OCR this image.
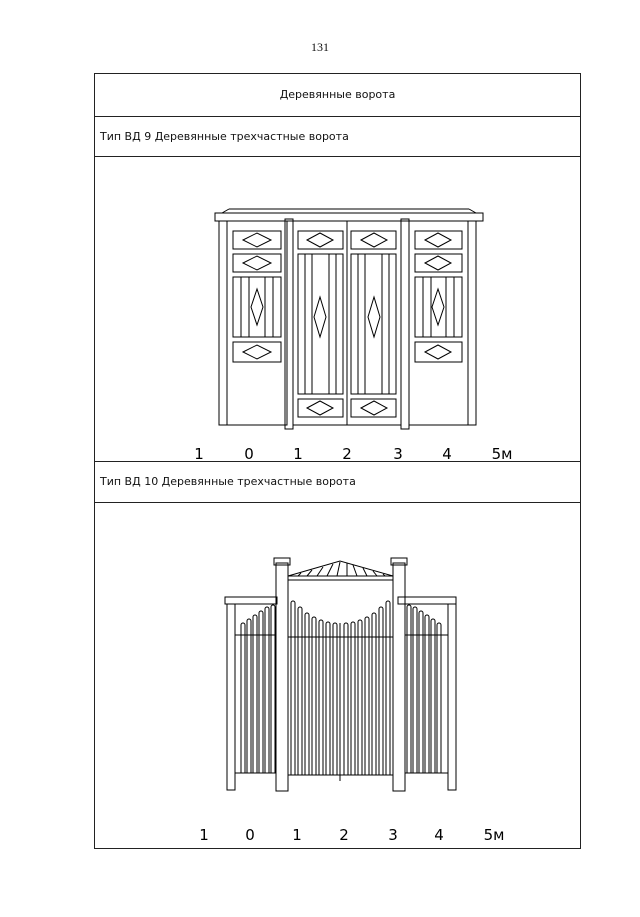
131
Деревянные ворота
Тип ВД 9 Деревянные трехчастные ворота
1	0	1	2	3	4	5м
Тип ВД 10 Деревянные трехчастные ворота
1 0 1 2	3 4	5м
